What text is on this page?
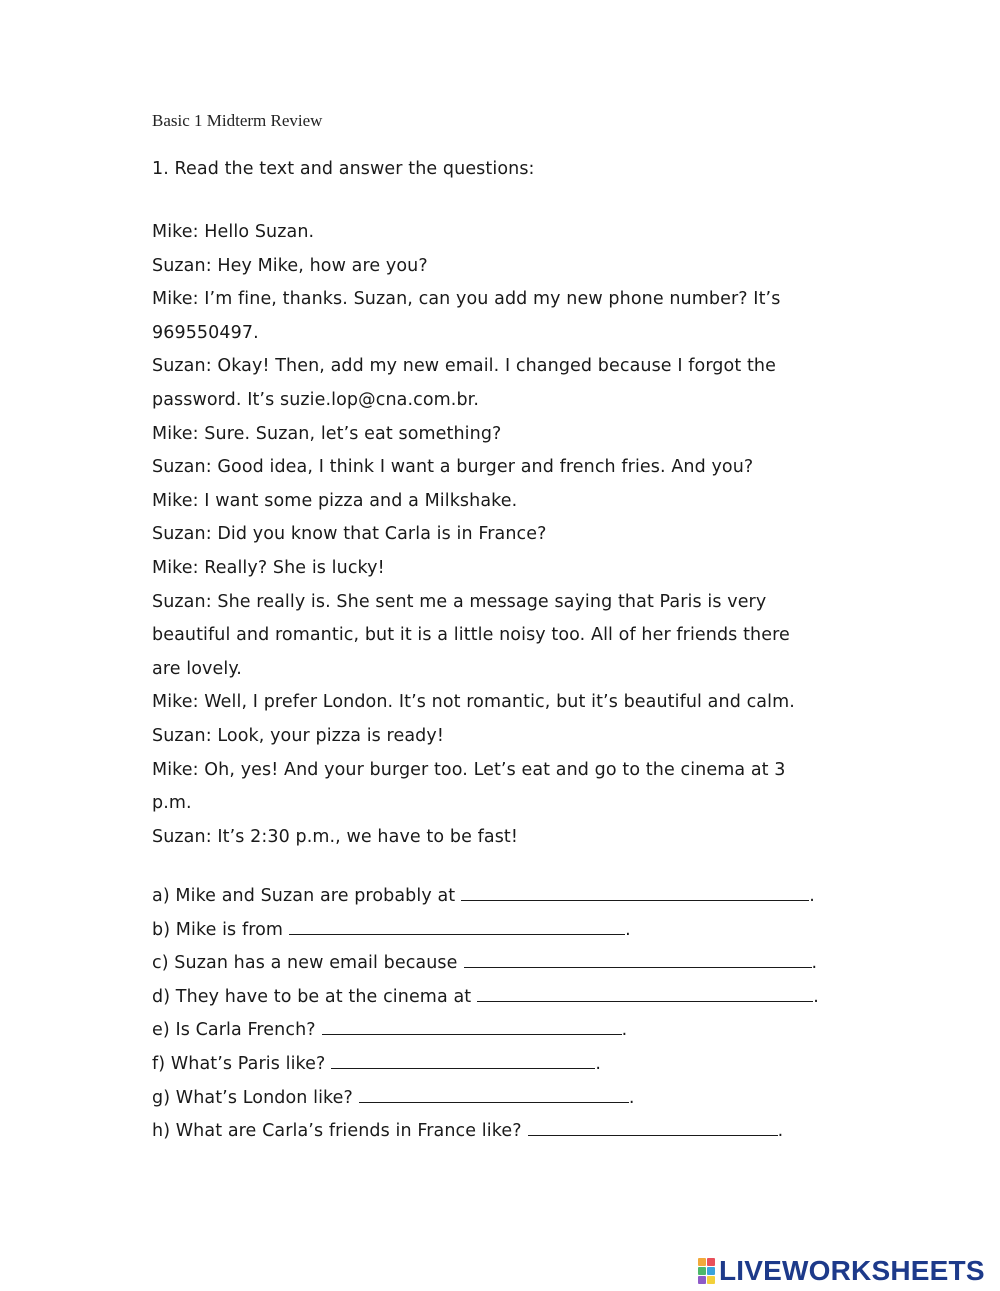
Basic 1 Midterm Review
1. Read the text and answer the questions:
Mike: Hello Suzan.
Suzan: Hey Mike, how are you?
Mike: I’m fine, thanks. Suzan, can you add my new phone number? It’s
969550497.
Suzan: Okay! Then, add my new email. I changed because I forgot the
password. It’s suzie.lop@cna.com.br.
Mike: Sure. Suzan, let’s eat something?
Suzan: Good idea, I think I want a burger and french fries. And you?
Mike: I want some pizza and a Milkshake.
Suzan: Did you know that Carla is in France?
Mike: Really? She is lucky!
Suzan: She really is. She sent me a message saying that Paris is very
beautiful and romantic, but it is a little noisy too. All of her friends there
are lovely.
Mike: Well, I prefer London. It’s not romantic, but it’s beautiful and calm.
Suzan: Look, your pizza is ready!
Mike: Oh, yes! And your burger too. Let’s eat and go to the cinema at 3
p.m.
Suzan: It’s 2:30 p.m., we have to be fast!
a) Mike and Suzan are probably at	.
b) Mike is from	.
c) Suzan has a new email because	.
d) They have to be at the cinema at	.
e) Is Carla French?	.
f) What’s Paris like?	.
g) What’s London like?	.
h) What are Carla’s friends in France like?	.
LIVEWORKSHEETS
